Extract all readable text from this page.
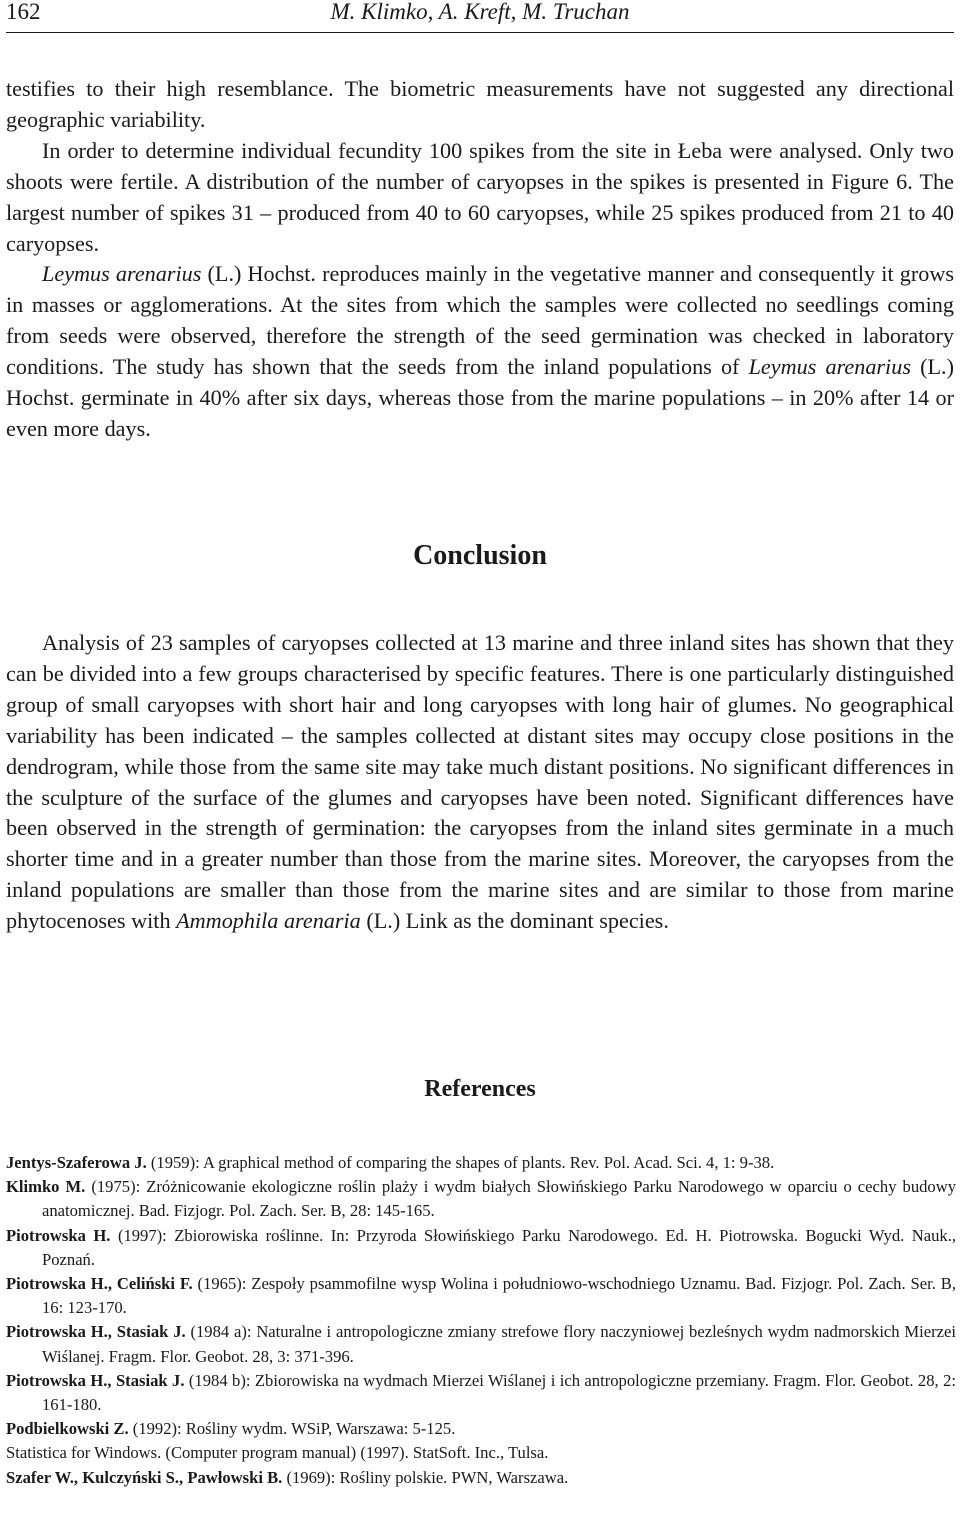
162	M. Klimko, A. Kreft, M. Truchan

testifies to their high resemblance. The biometric measurements have not suggested any directional geographic variability.

In order to determine individual fecundity 100 spikes from the site in Łeba were analysed. Only two shoots were fertile. A distribution of the number of caryopses in the spikes is presented in Figure 6. The largest number of spikes 31 – produced from 40 to 60 caryopses, while 25 spikes produced from 21 to 40 caryopses.

Leymus arenarius (L.) Hochst. reproduces mainly in the vegetative manner and consequently it grows in masses or agglomerations. At the sites from which the samples were collected no seedlings coming from seeds were observed, therefore the strength of the seed germination was checked in laboratory conditions. The study has shown that the seeds from the inland populations of Leymus arenarius (L.) Hochst. germinate in 40% after six days, whereas those from the marine populations – in 20% after 14 or even more days.

Conclusion

Analysis of 23 samples of caryopses collected at 13 marine and three inland sites has shown that they can be divided into a few groups characterised by specific features. There is one particularly distinguished group of small caryopses with short hair and long caryopses with long hair of glumes. No geographical variability has been indicated – the samples collected at distant sites may occupy close positions in the dendrogram, while those from the same site may take much distant positions. No significant differences in the sculpture of the surface of the glumes and caryopses have been noted. Significant differences have been observed in the strength of germination: the caryopses from the inland sites germinate in a much shorter time and in a greater number than those from the marine sites. Moreover, the caryopses from the inland populations are smaller than those from the marine sites and are similar to those from marine phytocenoses with Ammophila arenaria (L.) Link as the dominant species.

References

Jentys-Szaferowa J. (1959): A graphical method of comparing the shapes of plants. Rev. Pol. Acad. Sci. 4, 1: 9-38.

Klimko M. (1975): Zróżnicowanie ekologiczne roślin plaży i wydm białych Słowińskiego Parku Narodowego w oparciu o cechy budowy anatomicznej. Bad. Fizjogr. Pol. Zach. Ser. B, 28: 145-165.

Piotrowska H. (1997): Zbiorowiska roślinne. In: Przyroda Słowińskiego Parku Narodowego. Ed. H. Piotrowska. Bogucki Wyd. Nauk., Poznań.

Piotrowska H., Celiński F. (1965): Zespoły psammofilne wysp Wolina i południowo-wschodniego Uznamu. Bad. Fizjogr. Pol. Zach. Ser. B, 16: 123-170.

Piotrowska H., Stasiak J. (1984 a): Naturalne i antropologiczne zmiany strefowe flory naczyniowej bezleśnych wydm nadmorskich Mierzei Wiślanej. Fragm. Flor. Geobot. 28, 3: 371-396.

Piotrowska H., Stasiak J. (1984 b): Zbiorowiska na wydmach Mierzei Wiślanej i ich antropologiczne przemiany. Fragm. Flor. Geobot. 28, 2: 161-180.

Podbielkowski Z. (1992): Rośliny wydm. WSiP, Warszawa: 5-125.

Statistica for Windows. (Computer program manual) (1997). StatSoft. Inc., Tulsa.

Szafer W., Kulczyński S., Pawłowski B. (1969): Rośliny polskie. PWN, Warszawa.
